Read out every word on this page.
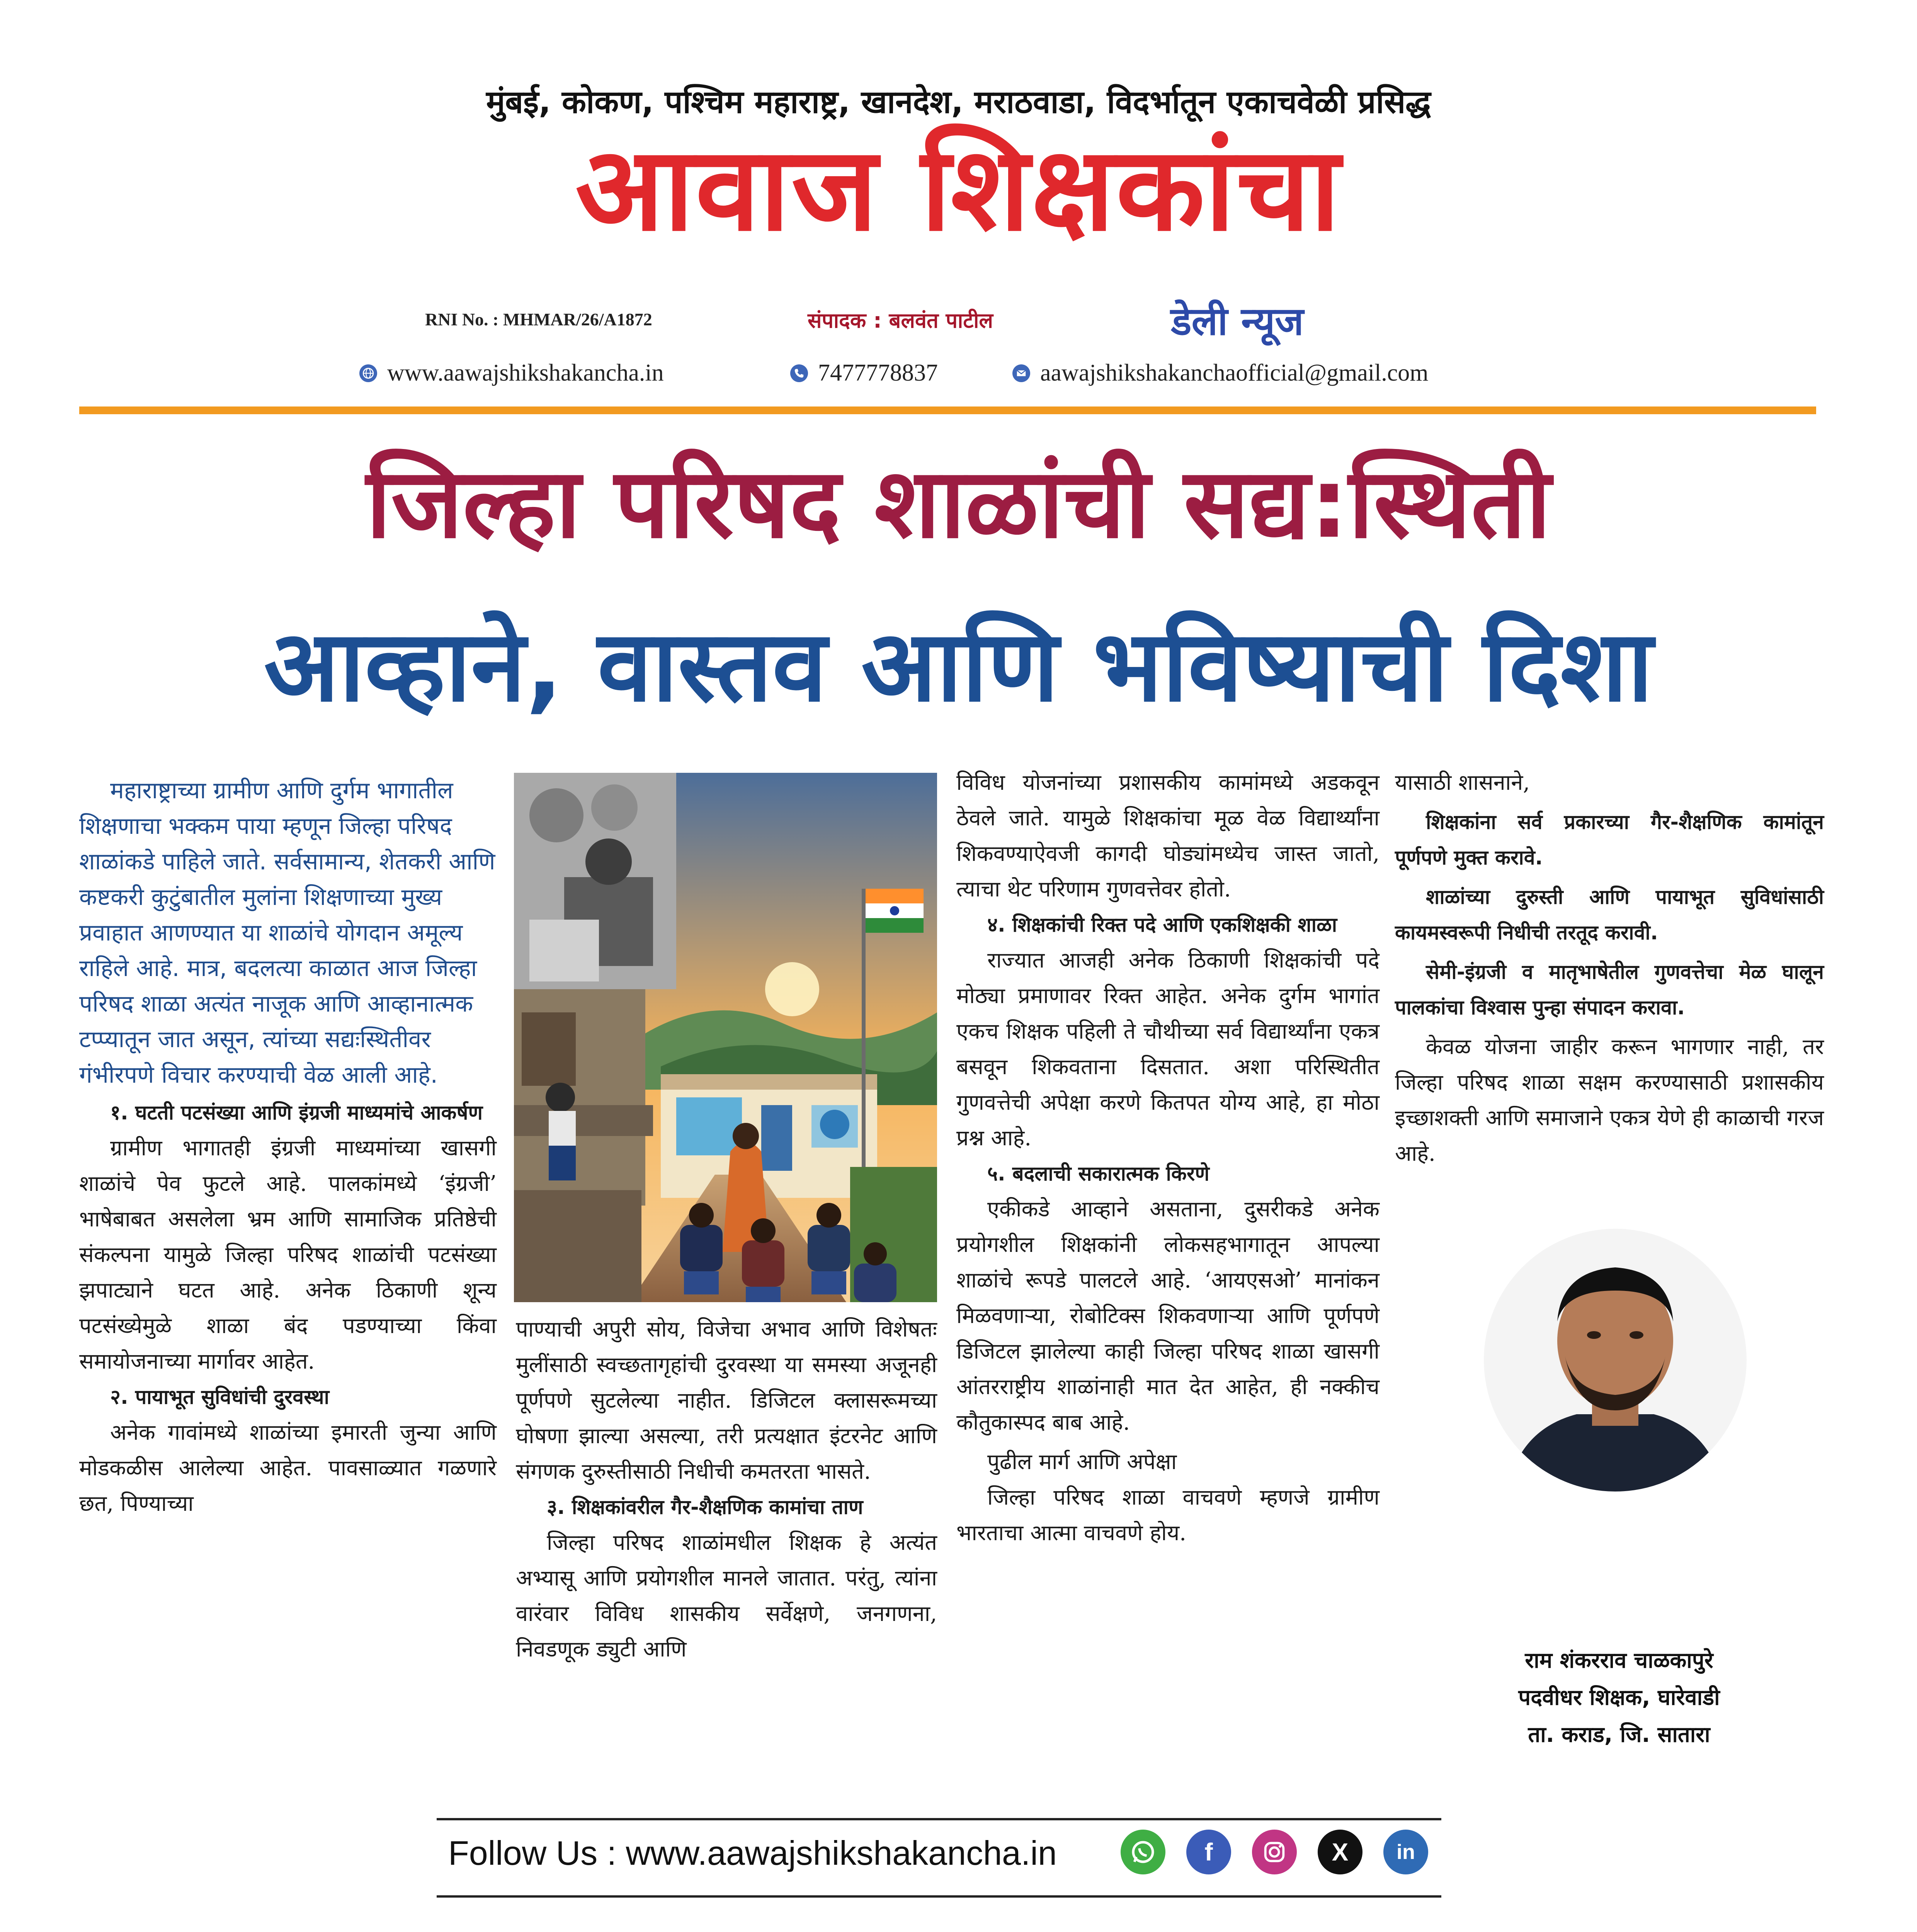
मुंबई, कोकण, पश्चिम महाराष्ट्र, खानदेश, मराठवाडा, विदर्भातून एकाचवेळी प्रसिद्ध
आवाज शिक्षकांचा
RNI No. : MHMAR/26/A1872	संपादक : बलवंत पाटील	डेली न्यूज
www.aawajshikshakancha.in	7477778837	aawajshikshakanchaofficial@gmail.com
जिल्हा परिषद शाळांची सद्य:स्थिती
आव्हाने, वास्तव आणि भविष्याची दिशा

महाराष्ट्राच्या ग्रामीण आणि दुर्गम भागातील शिक्षणाचा भक्कम पाया म्हणून जिल्हा परिषद शाळांकडे पाहिले जाते. सर्वसामान्य, शेतकरी आणि कष्टकरी कुटुंबातील मुलांना शिक्षणाच्या मुख्य प्रवाहात आणण्यात या शाळांचे योगदान अमूल्य राहिले आहे. मात्र, बदलत्या काळात आज जिल्हा परिषद शाळा अत्यंत नाजूक आणि आव्हानात्मक टप्प्यातून जात असून, त्यांच्या सद्यःस्थितीवर गंभीरपणे विचार करण्याची वेळ आली आहे.

१. घटती पटसंख्या आणि इंग्रजी माध्यमांचे आकर्षण

ग्रामीण भागातही इंग्रजी माध्यमांच्या खासगी शाळांचे पेव फुटले आहे. पालकांमध्ये ‘इंग्रजी’ भाषेबाबत असलेला भ्रम आणि सामाजिक प्रतिष्ठेची संकल्पना यामुळे जिल्हा परिषद शाळांची पटसंख्या झपाट्याने घटत आहे. अनेक ठिकाणी शून्य पटसंख्येमुळे शाळा बंद पडण्याच्या किंवा समायोजनाच्या मार्गावर आहेत.

२. पायाभूत सुविधांची दुरवस्था

अनेक गावांमध्ये शाळांच्या इमारती जुन्या आणि मोडकळीस आलेल्या आहेत. पावसाळ्यात गळणारे छत, पिण्याच्या

पाण्याची अपुरी सोय, विजेचा अभाव आणि विशेषतः मुलींसाठी स्वच्छतागृहांची दुरवस्था या समस्या अजूनही पूर्णपणे सुटलेल्या नाहीत. डिजिटल क्लासरूमच्या घोषणा झाल्या असल्या, तरी प्रत्यक्षात इंटरनेट आणि संगणक दुरुस्तीसाठी निधीची कमतरता भासते.

३. शिक्षकांवरील गैर-शैक्षणिक कामांचा ताण

जिल्हा परिषद शाळांमधील शिक्षक हे अत्यंत अभ्यासू आणि प्रयोगशील मानले जातात. परंतु, त्यांना वारंवार विविध शासकीय सर्वेक्षणे, जनगणना, निवडणूक ड्युटी आणि

विविध योजनांच्या प्रशासकीय कामांमध्ये अडकवून ठेवले जाते. यामुळे शिक्षकांचा मूळ वेळ विद्यार्थ्यांना शिकवण्याऐवजी कागदी घोड्यांमध्येच जास्त जातो, त्याचा थेट परिणाम गुणवत्तेवर होतो.

४. शिक्षकांची रिक्त पदे आणि एकशिक्षकी शाळा

राज्यात आजही अनेक ठिकाणी शिक्षकांची पदे मोठ्या प्रमाणावर रिक्त आहेत. अनेक दुर्गम भागांत एकच शिक्षक पहिली ते चौथीच्या सर्व विद्यार्थ्यांना एकत्र बसवून शिकवताना दिसतात. अशा परिस्थितीत गुणवत्तेची अपेक्षा करणे कितपत योग्य आहे, हा मोठा प्रश्न आहे.

५. बदलाची सकारात्मक किरणे

एकीकडे आव्हाने असताना, दुसरीकडे अनेक प्रयोगशील शिक्षकांनी लोकसहभागातून आपल्या शाळांचे रूपडे पालटले आहे. ‘आयएसओ’ मानांकन मिळवणाऱ्या, रोबोटिक्स शिकवणाऱ्या आणि पूर्णपणे डिजिटल झालेल्या काही जिल्हा परिषद शाळा खासगी आंतरराष्ट्रीय शाळांनाही मात देत आहेत, ही नक्कीच कौतुकास्पद बाब आहे.

पुढील मार्ग आणि अपेक्षा

जिल्हा परिषद शाळा वाचवणे म्हणजे ग्रामीण भारताचा आत्मा वाचवणे होय.

यासाठी शासनाने,

शिक्षकांना सर्व प्रकारच्या गैर-शैक्षणिक कामांतून पूर्णपणे मुक्त करावे.

शाळांच्या दुरुस्ती आणि पायाभूत सुविधांसाठी कायमस्वरूपी निधीची तरतूद करावी.

सेमी-इंग्रजी व मातृभाषेतील गुणवत्तेचा मेळ घालून पालकांचा विश्वास पुन्हा संपादन करावा.

केवळ योजना जाहीर करून भागणार नाही, तर जिल्हा परिषद शाळा सक्षम करण्यासाठी प्रशासकीय इच्छाशक्ती आणि समाजाने एकत्र येणे ही काळाची गरज आहे.

राम शंकरराव चाळकापुरे
पदवीधर शिक्षक, घारेवाडी
ता. कराड, जि. सातारा
Follow Us : www.aawajshikshakancha.in	f	X	in
